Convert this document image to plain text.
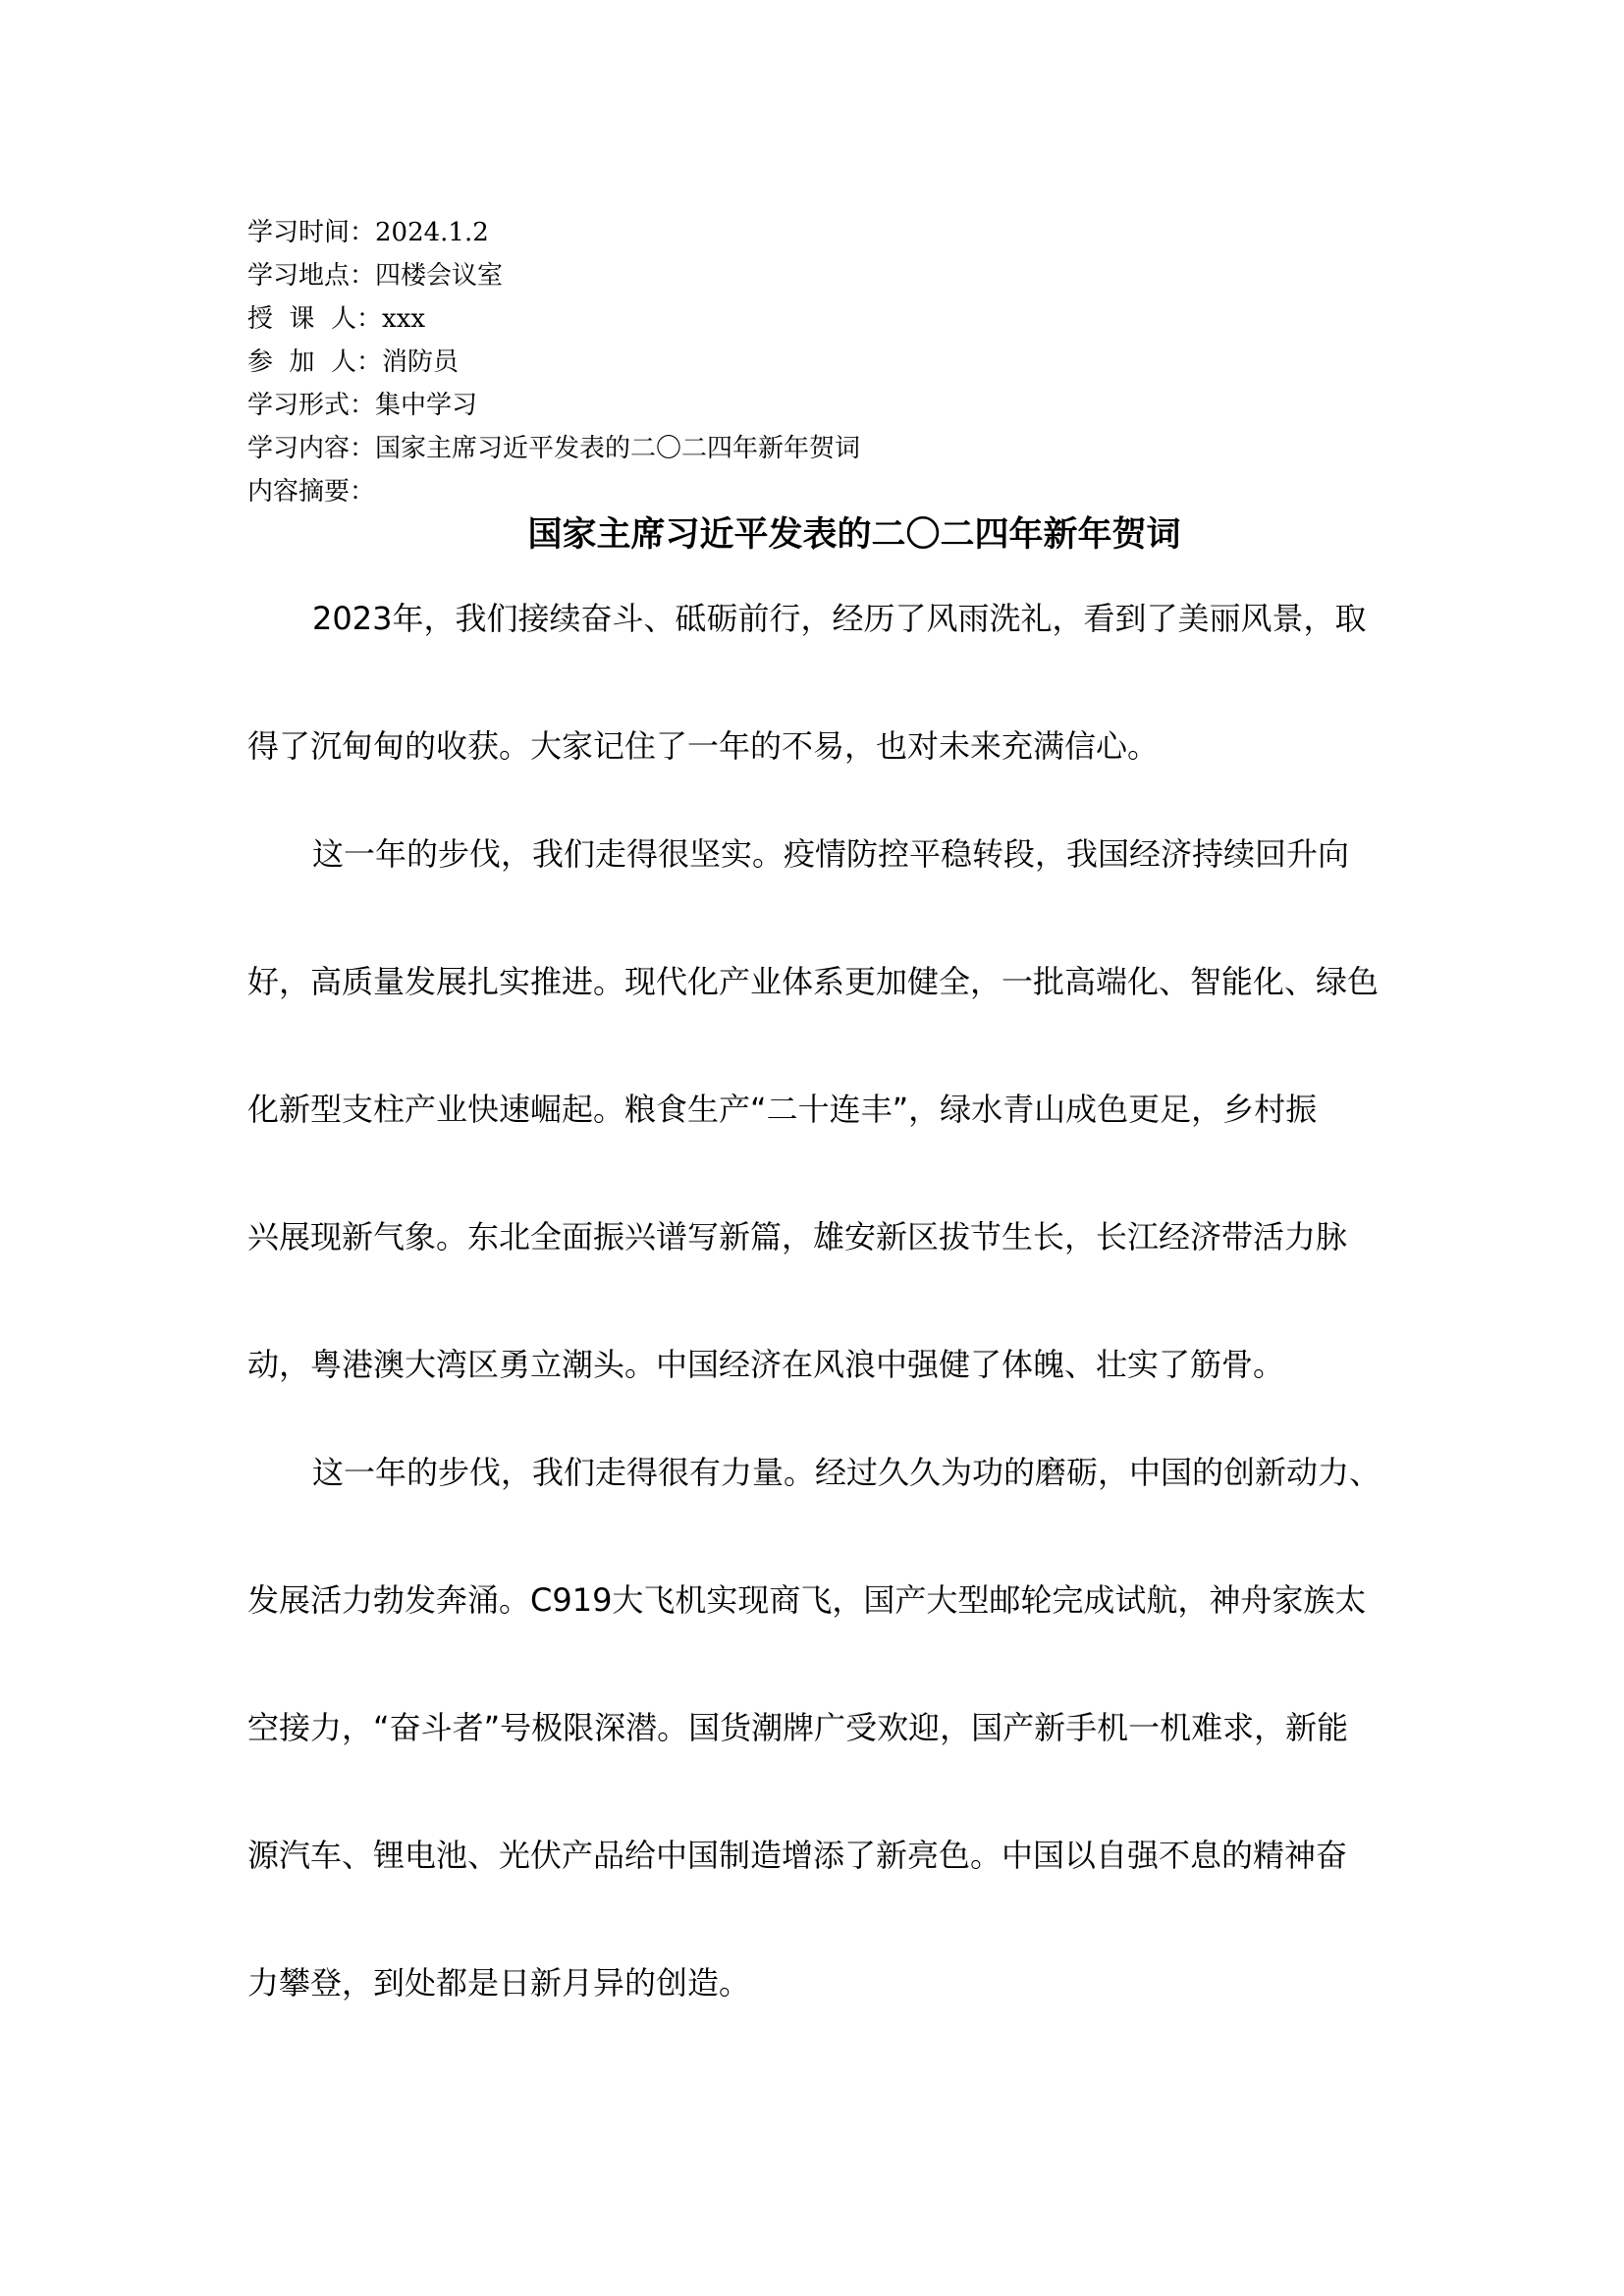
学习时间：2024.1.2
学习地点：四楼会议室
授  课  人：xxx
参  加  人：消防员
学习形式：集中学习
学习内容：国家主席习近平发表的二〇二四年新年贺词
内容摘要：
国家主席习近平发表的二〇二四年新年贺词
2023年，我们接续奋斗、砥砺前行，经历了风雨洗礼，看到了美丽风景，取
得了沉甸甸的收获。大家记住了一年的不易，也对未来充满信心。
这一年的步伐，我们走得很坚实。疫情防控平稳转段，我国经济持续回升向
好，高质量发展扎实推进。现代化产业体系更加健全，一批高端化、智能化、绿色
化新型支柱产业快速崛起。粮食生产“二十连丰”，绿水青山成色更足，乡村振
兴展现新气象。东北全面振兴谱写新篇，雄安新区拔节生长，长江经济带活力脉
动，粤港澳大湾区勇立潮头。中国经济在风浪中强健了体魄、壮实了筋骨。
这一年的步伐，我们走得很有力量。经过久久为功的磨砺，中国的创新动力、
发展活力勃发奔涌。C919大飞机实现商飞，国产大型邮轮完成试航，神舟家族太
空接力，“奋斗者”号极限深潜。国货潮牌广受欢迎，国产新手机一机难求，新能
源汽车、锂电池、光伏产品给中国制造增添了新亮色。中国以自强不息的精神奋
力攀登，到处都是日新月异的创造。
